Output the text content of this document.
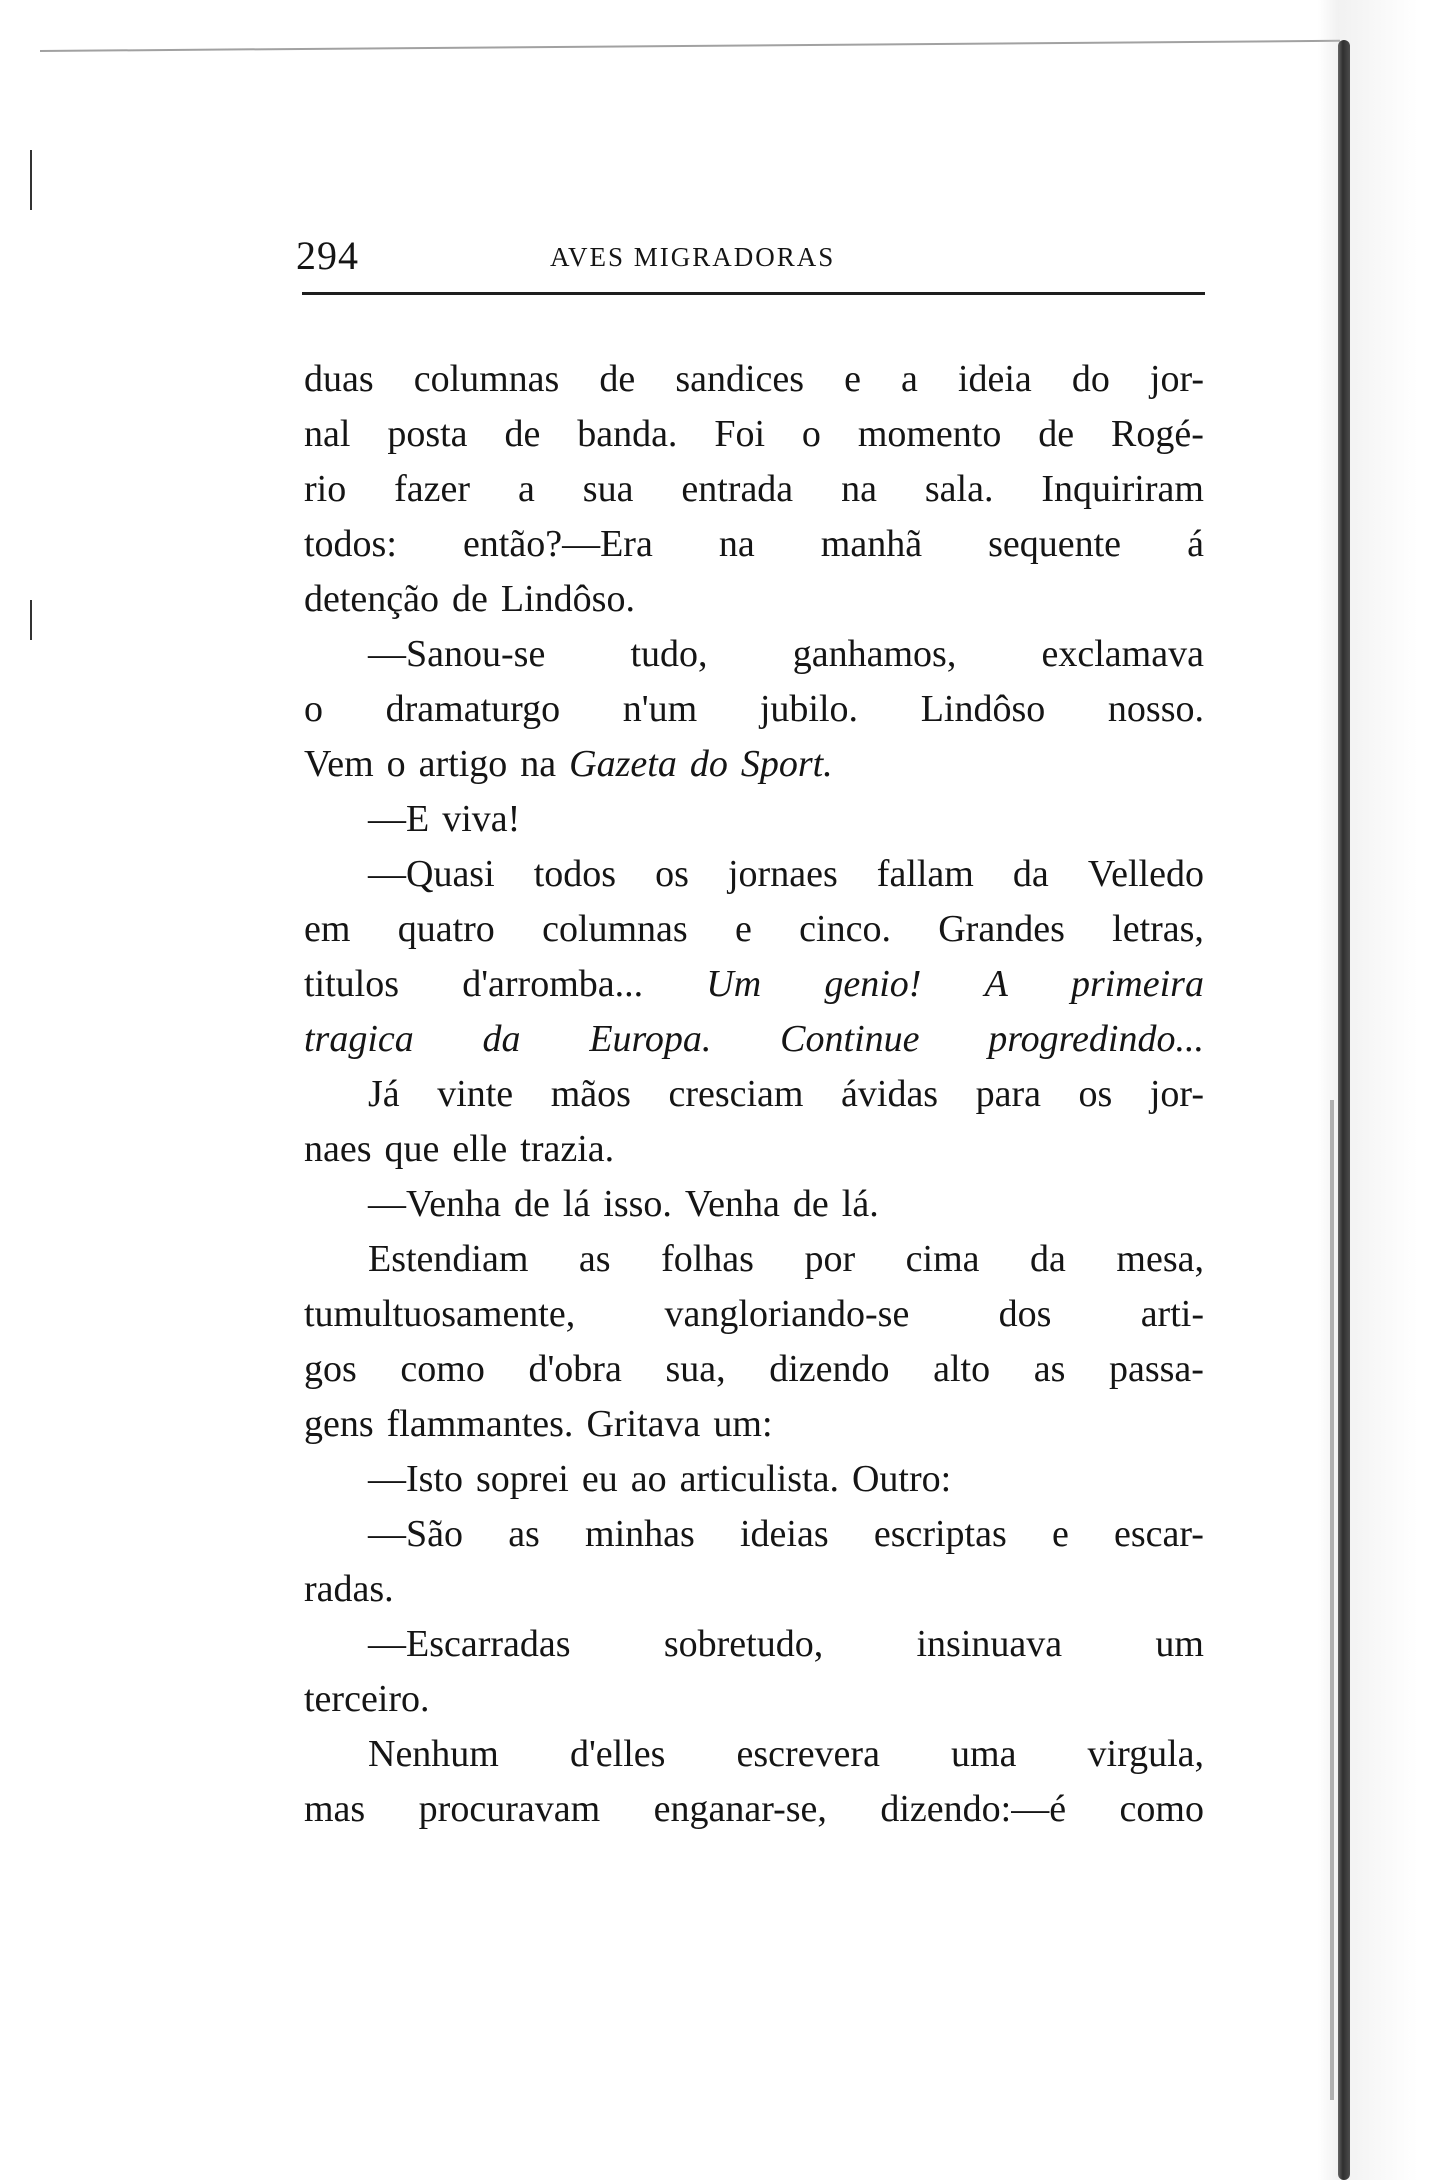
294	AVES MIGRADORAS
duas columnas de sandices e a ideia do jor-
nal posta de banda. Foi o momento de Rogé-
rio fazer a sua entrada na sala. Inquiriram
todos: então?—Era na manhã sequente á
detenção de Lindôso.
—Sanou-se tudo, ganhamos, exclamava
o dramaturgo n'um jubilo. Lindôso nosso.
Vem o artigo na Gazeta do Sport.
—E viva!
—Quasi todos os jornaes fallam da Velledo
em quatro columnas e cinco. Grandes letras,
titulos d'arromba... Um genio! A primeira
tragica da Europa. Continue progredindo...
Já vinte mãos cresciam ávidas para os jor-
naes que elle trazia.
—Venha de lá isso. Venha de lá.
Estendiam as folhas por cima da mesa,
tumultuosamente, vangloriando-se dos arti-
gos como d'obra sua, dizendo alto as passa-
gens flammantes. Gritava um:
—Isto soprei eu ao articulista. Outro:
—São as minhas ideias escriptas e escar-
radas.
—Escarradas sobretudo, insinuava um
terceiro.
Nenhum d'elles escrevera uma virgula,
mas procuravam enganar-se, dizendo:—é como
